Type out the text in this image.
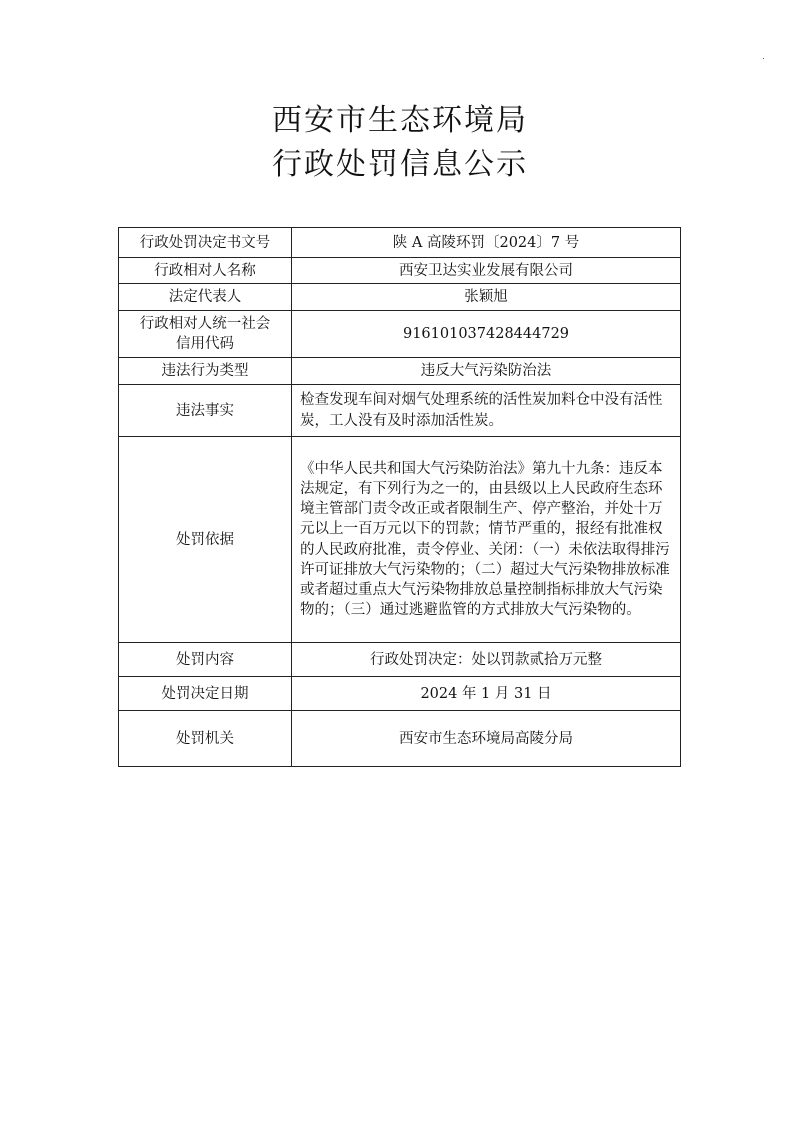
西安市生态环境局
行政处罚信息公示
行政处罚决定书文号	陕 A 高陵环罚〔2024〕7 号
行政相对人名称	西安卫达实业发展有限公司
法定代表人	张颖旭

行政相对人统一社会
信用代码	916101037428444729
违法行为类型	违反大气污染防治法
违法事实	检查发现车间对烟气处理系统的活性炭加料仓中没有活性炭，工人没有及时添加活性炭。
处罚依据	《中华人民共和国大气污染防治法》第九十九条：违反本法规定，有下列行为之一的，由县级以上人民政府生态环境主管部门责令改正或者限制生产、停产整治，并处十万元以上一百万元以下的罚款；情节严重的，报经有批准权的人民政府批准，责令停业、关闭：（一）未依法取得排污许可证排放大气污染物的；（二）超过大气污染物排放标准或者超过重点大气污染物排放总量控制指标排放大气污染物的；（三）通过逃避监管的方式排放大气污染物的。
处罚内容	行政处罚决定：处以罚款贰拾万元整
处罚决定日期	2024 年 1 月 31 日
处罚机关	西安市生态环境局高陵分局
